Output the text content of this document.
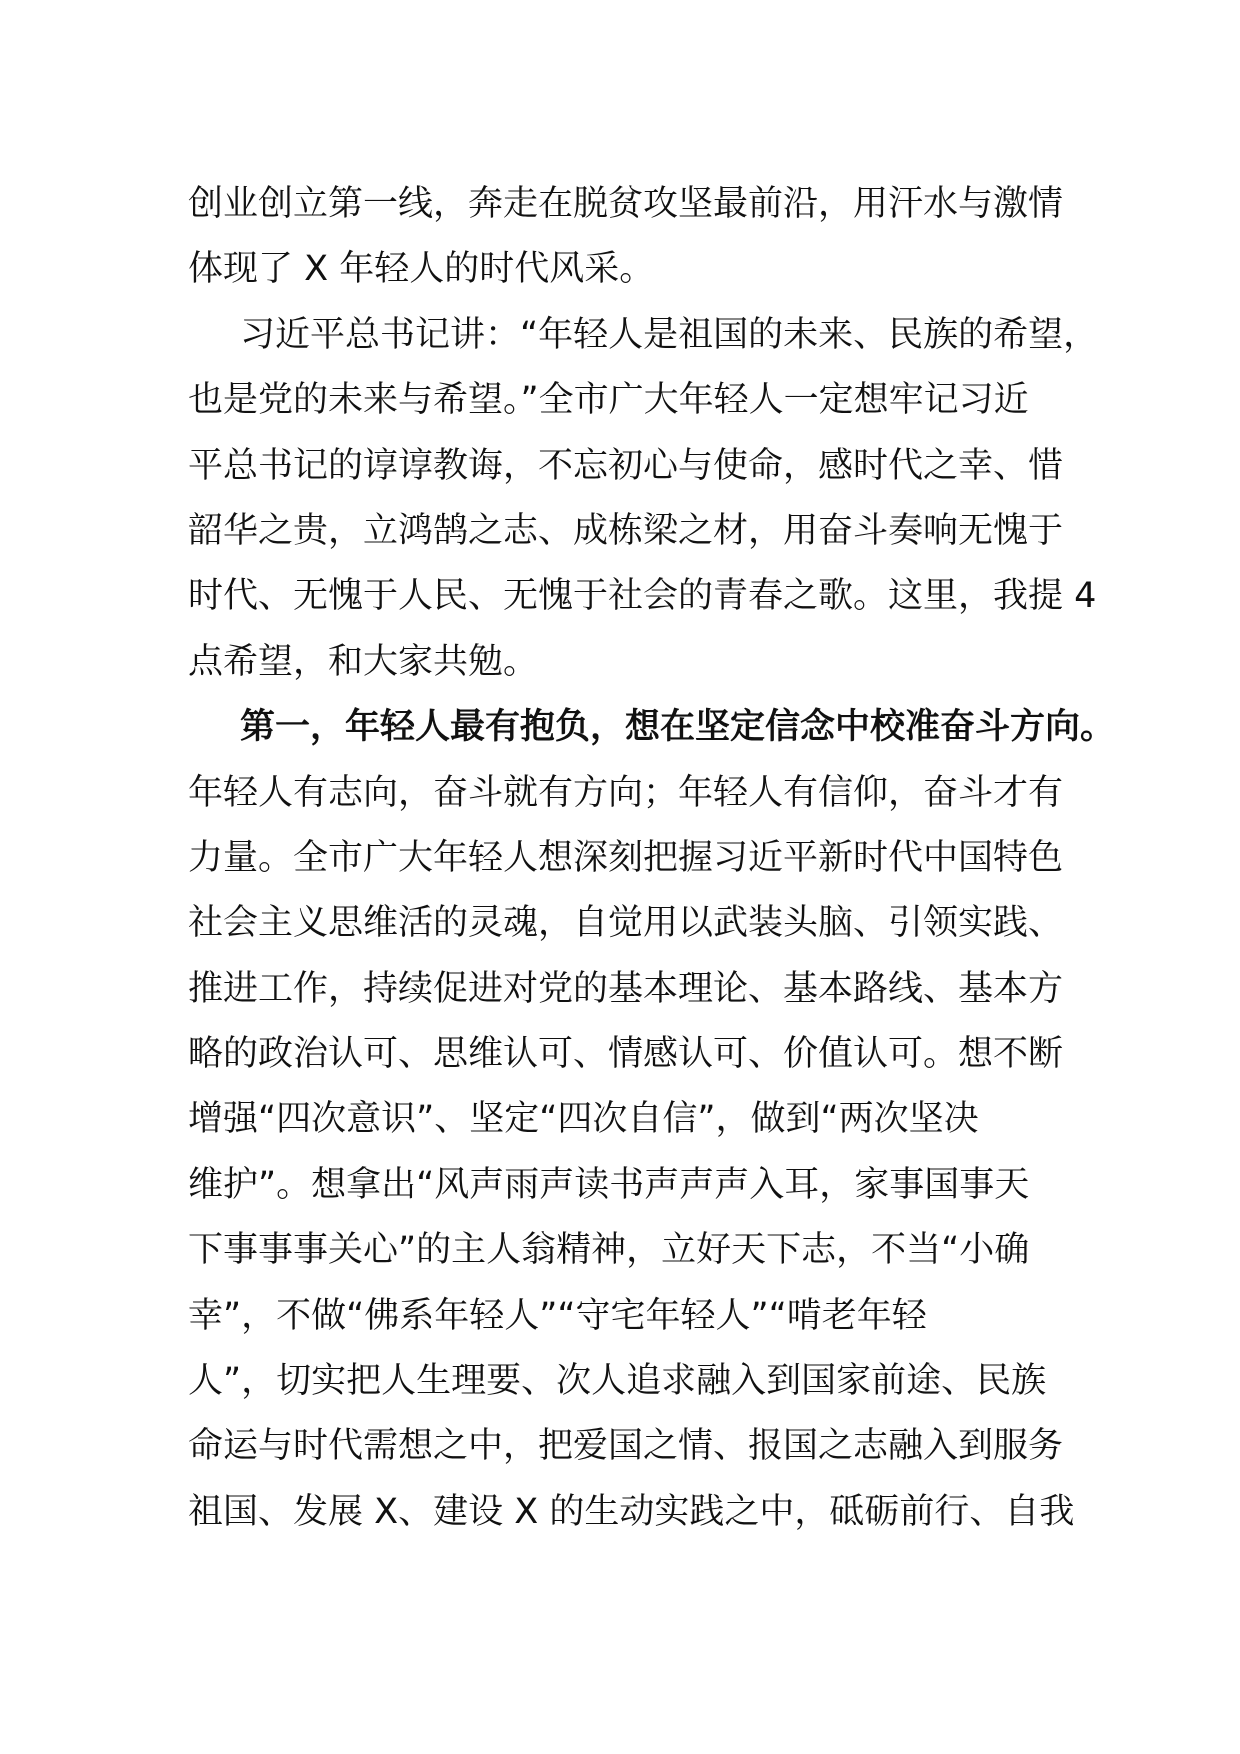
创业创立第一线，奔走在脱贫攻坚最前沿，用汗水与激情
体现了 X 年轻人的时代风采。
习近平总书记讲：“年轻人是祖国的未来、民族的希望，
也是党的未来与希望。”全市广大年轻人一定想牢记习近
平总书记的谆谆教诲，不忘初心与使命，感时代之幸、惜
韶华之贵，立鸿鹄之志、成栋梁之材，用奋斗奏响无愧于
时代、无愧于人民、无愧于社会的青春之歌。这里，我提 4
点希望，和大家共勉。
第一，年轻人最有抱负，想在坚定信念中校准奋斗方向。
年轻人有志向，奋斗就有方向；年轻人有信仰，奋斗才有
力量。全市广大年轻人想深刻把握习近平新时代中国特色
社会主义思维活的灵魂，自觉用以武装头脑、引领实践、
推进工作，持续促进对党的基本理论、基本路线、基本方
略的政治认可、思维认可、情感认可、价值认可。想不断
增强“四次意识”、坚定“四次自信”，做到“两次坚决
维护”。想拿出“风声雨声读书声声声入耳，家事国事天
下事事事关心”的主人翁精神，立好天下志，不当“小确
幸”，不做“佛系年轻人”“守宅年轻人”“啃老年轻
人”，切实把人生理要、次人追求融入到国家前途、民族
命运与时代需想之中，把爱国之情、报国之志融入到服务
祖国、发展 X、建设 X 的生动实践之中，砥砺前行、自我
